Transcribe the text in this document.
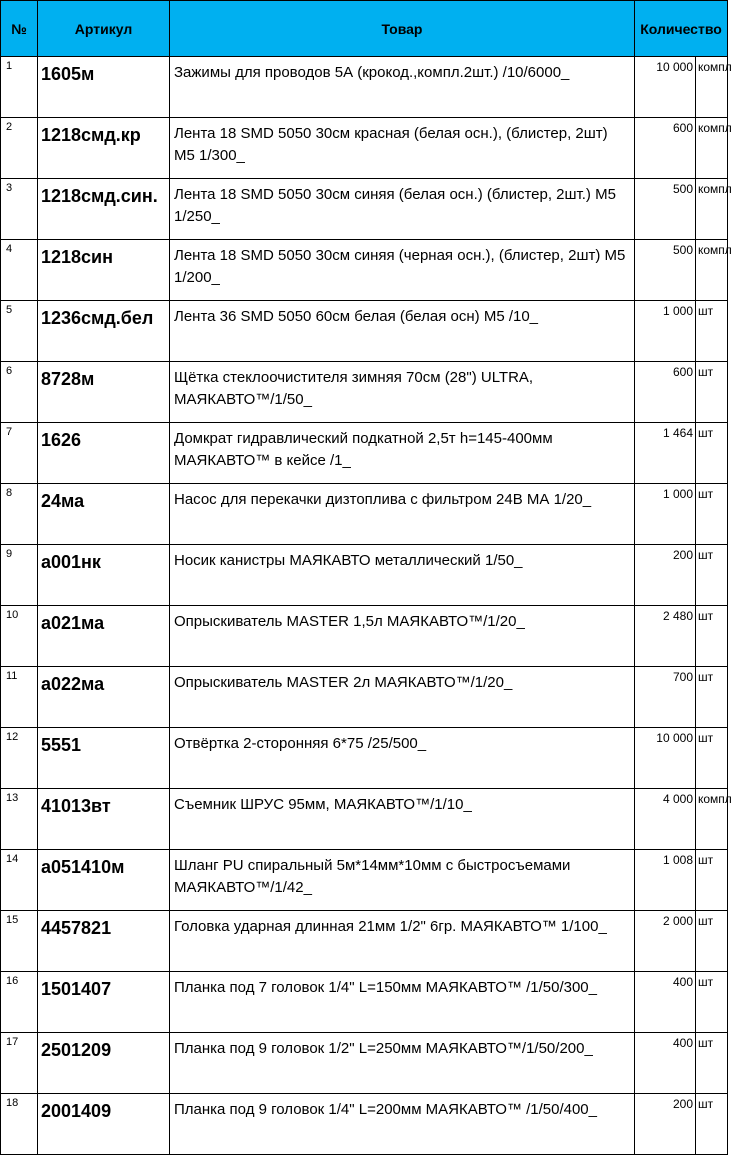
№	Артикул	Товар	Количество	
1	1605м	Зажимы для проводов 5А (крокод.,компл.2шт.) /10/6000_	10 000	компл
2	1218смд.кр	Лента 18 SMD 5050 30см красная (белая осн.), (блистер, 2шт) М5 1/300_	600	компл
3	1218смд.син.	Лента 18 SMD 5050 30см синяя (белая осн.) (блистер, 2шт.) М5 1/250_	500	компл
4	1218син	Лента 18 SMD 5050 30см синяя (черная осн.), (блистер, 2шт) М5 1/200_	500	компл
5	1236смд.бел	Лента 36 SMD 5050 60см белая (белая осн) М5 /10_	1 000	шт
6	8728м	Щётка стеклоочистителя зимняя 70см (28") ULTRA, МАЯКАВТО™/1/50_	600	шт
7	1626	Домкрат гидравлический подкатной 2,5т h=145-400мм МАЯКАВТО™ в кейсе /1_	1 464	шт
8	24ма	Насос для перекачки дизтоплива с фильтром 24В МА 1/20_	1 000	шт
9	а001нк	Носик канистры МАЯКАВТО металлический 1/50_	200	шт
10	а021ма	Опрыскиватель MASTER 1,5л МАЯКАВТО™/1/20_	2 480	шт
11	а022ма	Опрыскиватель MASTER 2л МАЯКАВТО™/1/20_	700	шт
12	5551	Отвёртка 2-сторонняя 6*75 /25/500_	10 000	шт
13	41013вт	Съемник ШРУС 95мм, МАЯКАВТО™/1/10_	4 000	компл
14	а051410м	Шланг PU спиральный 5м*14мм*10мм с быстросъемами МАЯКАВТО™/1/42_	1 008	шт
15	4457821	Головка ударная длинная 21мм 1/2" 6гр. МАЯКАВТО™ 1/100_	2 000	шт
16	1501407	Планка под 7 головок 1/4" L=150мм МАЯКАВТО™ /1/50/300_	400	шт
17	2501209	Планка под 9 головок 1/2" L=250мм МАЯКАВТО™/1/50/200_	400	шт
18	2001409	Планка под 9 головок 1/4" L=200мм МАЯКАВТО™ /1/50/400_	200	шт
